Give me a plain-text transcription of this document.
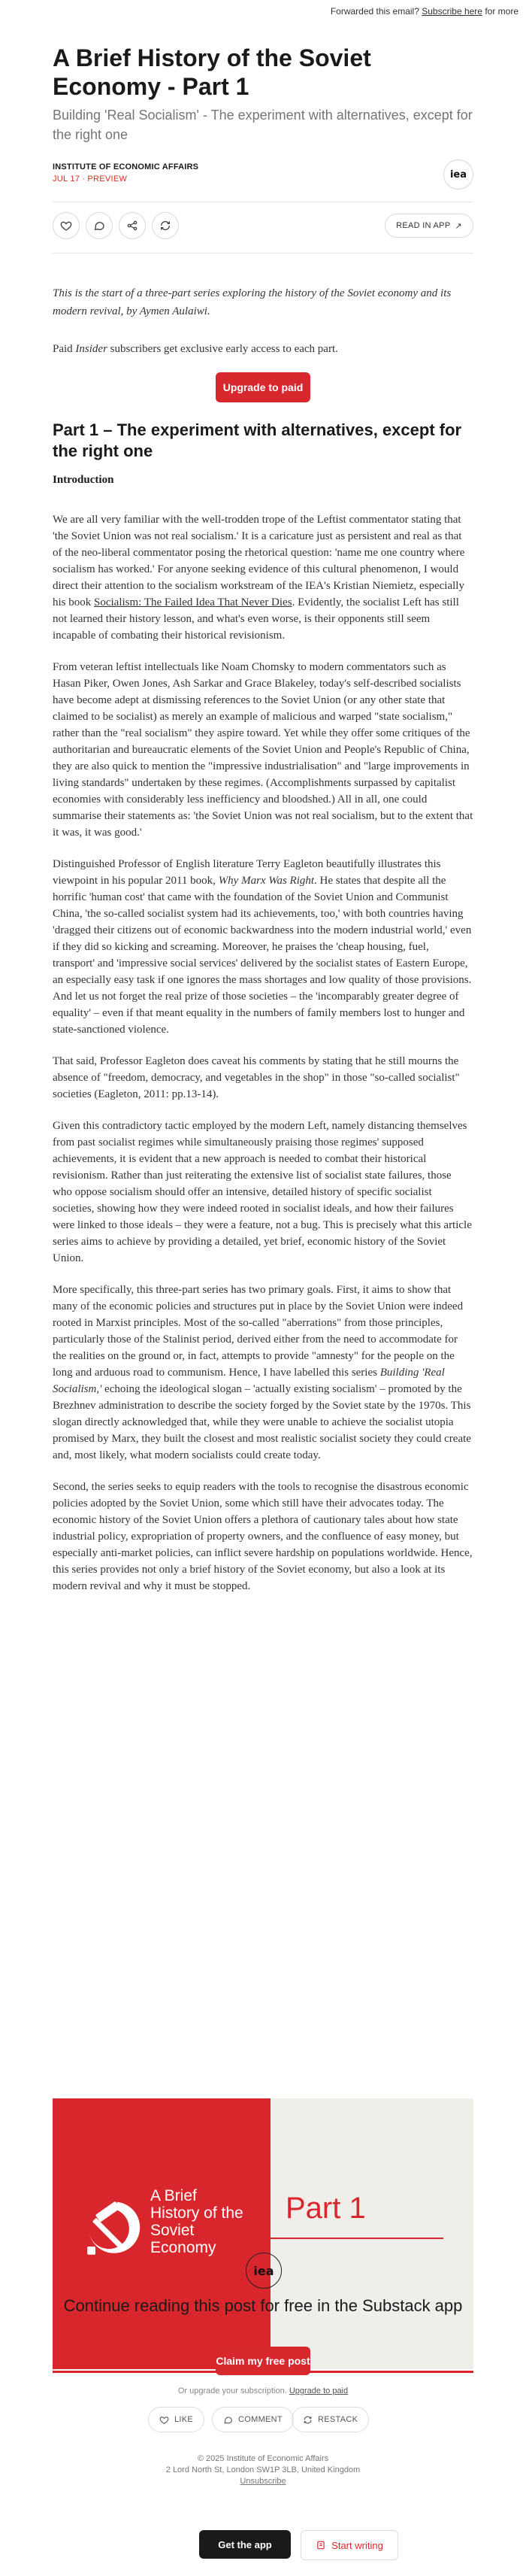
Forwarded this email? Subscribe here for more
A Brief History of the Soviet Economy - Part 1
Building 'Real Socialism' - The experiment with alternatives, except for the right one
INSTITUTE OF ECONOMIC AFFAIRS
JUL 17 ∙ PREVIEW	iea
READ IN APP ↗
This is the start of a three-part series exploring the history of the Soviet economy and its modern revival, by Aymen Aulaiwi.
Paid Insider subscribers get exclusive early access to each part.
Upgrade to paid
Part 1 – The experiment with alternatives, except for the right one
Introduction

We are all very familiar with the well-trodden trope of the Leftist commentator stating that 'the Soviet Union was not real socialism.' It is a caricature just as persistent and real as that of the neo-liberal commentator posing the rhetorical question: 'name me one country where socialism has worked.' For anyone seeking evidence of this cultural phenomenon, I would direct their attention to the socialism workstream of the IEA's Kristian Niemietz, especially his book Socialism: The Failed Idea That Never Dies. Evidently, the socialist Left has still not learned their history lesson, and what's even worse, is their opponents still seem incapable of combating their historical revisionism.

From veteran leftist intellectuals like Noam Chomsky to modern commentators such as Hasan Piker, Owen Jones, Ash Sarkar and Grace Blakeley, today's self-described socialists have become adept at dismissing references to the Soviet Union (or any other state that claimed to be socialist) as merely an example of malicious and warped "state socialism," rather than the "real socialism" they aspire toward. Yet while they offer some critiques of the authoritarian and bureaucratic elements of the Soviet Union and People's Republic of China, they are also quick to mention the "impressive industrialisation" and "large improvements in living standards" undertaken by these regimes. (Accomplishments surpassed by capitalist economies with considerably less inefficiency and bloodshed.) All in all, one could summarise their statements as: 'the Soviet Union was not real socialism, but to the extent that it was, it was good.'

Distinguished Professor of English literature Terry Eagleton beautifully illustrates this viewpoint in his popular 2011 book, Why Marx Was Right. He states that despite all the horrific 'human cost' that came with the foundation of the Soviet Union and Communist China, 'the so-called socialist system had its achievements, too,' with both countries having 'dragged their citizens out of economic backwardness into the modern industrial world,' even if they did so kicking and screaming. Moreover, he praises the 'cheap housing, fuel, transport' and 'impressive social services' delivered by the socialist states of Eastern Europe, an especially easy task if one ignores the mass shortages and low quality of those provisions. And let us not forget the real prize of those societies – the 'incomparably greater degree of equality' – even if that meant equality in the numbers of family members lost to hunger and state-sanctioned violence.

That said, Professor Eagleton does caveat his comments by stating that he still mourns the absence of "freedom, democracy, and vegetables in the shop" in those "so-called socialist" societies (Eagleton, 2011: pp.13-14).

Given this contradictory tactic employed by the modern Left, namely distancing themselves from past socialist regimes while simultaneously praising those regimes' supposed achievements, it is evident that a new approach is needed to combat their historical revisionism. Rather than just reiterating the extensive list of socialist state failures, those who oppose socialism should offer an intensive, detailed history of specific socialist societies, showing how they were indeed rooted in socialist ideals, and how their failures were linked to those ideals – they were a feature, not a bug. This is precisely what this article series aims to achieve by providing a detailed, yet brief, economic history of the Soviet Union.

More specifically, this three-part series has two primary goals. First, it aims to show that many of the economic policies and structures put in place by the Soviet Union were indeed rooted in Marxist principles. Most of the so-called "aberrations" from those principles, particularly those of the Stalinist period, derived either from the need to accommodate for the realities on the ground or, in fact, attempts to provide "amnesty" for the people on the long and arduous road to communism. Hence, I have labelled this series Building 'Real Socialism,' echoing the ideological slogan – 'actually existing socialism' – promoted by the Brezhnev administration to describe the society forged by the Soviet state by the 1970s. This slogan directly acknowledged that, while they were unable to achieve the socialist utopia promised by Marx, they built the closest and most realistic socialist society they could create and, most likely, what modern socialists could create today.

Second, the series seeks to equip readers with the tools to recognise the disastrous economic policies adopted by the Soviet Union, some which still have their advocates today. The economic history of the Soviet Union offers a plethora of cautionary tales about how state industrial policy, expropriation of property owners, and the confluence of easy money, but especially anti-market policies, can inflict severe hardship on populations worldwide. Hence, this series provides not only a brief history of the Soviet economy, but also a look at its modern revival and why it must be stopped.

A Brief
History of the Soviet
Economy
Part 1
iea
Continue reading this post for free in the Substack app
Claim my free post
Or upgrade your subscription. Upgrade to paid
LIKE	COMMENT	RESTACK
© 2025 Institute of Economic Affairs
2 Lord North St, London SW1P 3LB, United Kingdom
Unsubscribe
Get the app	Start writing
